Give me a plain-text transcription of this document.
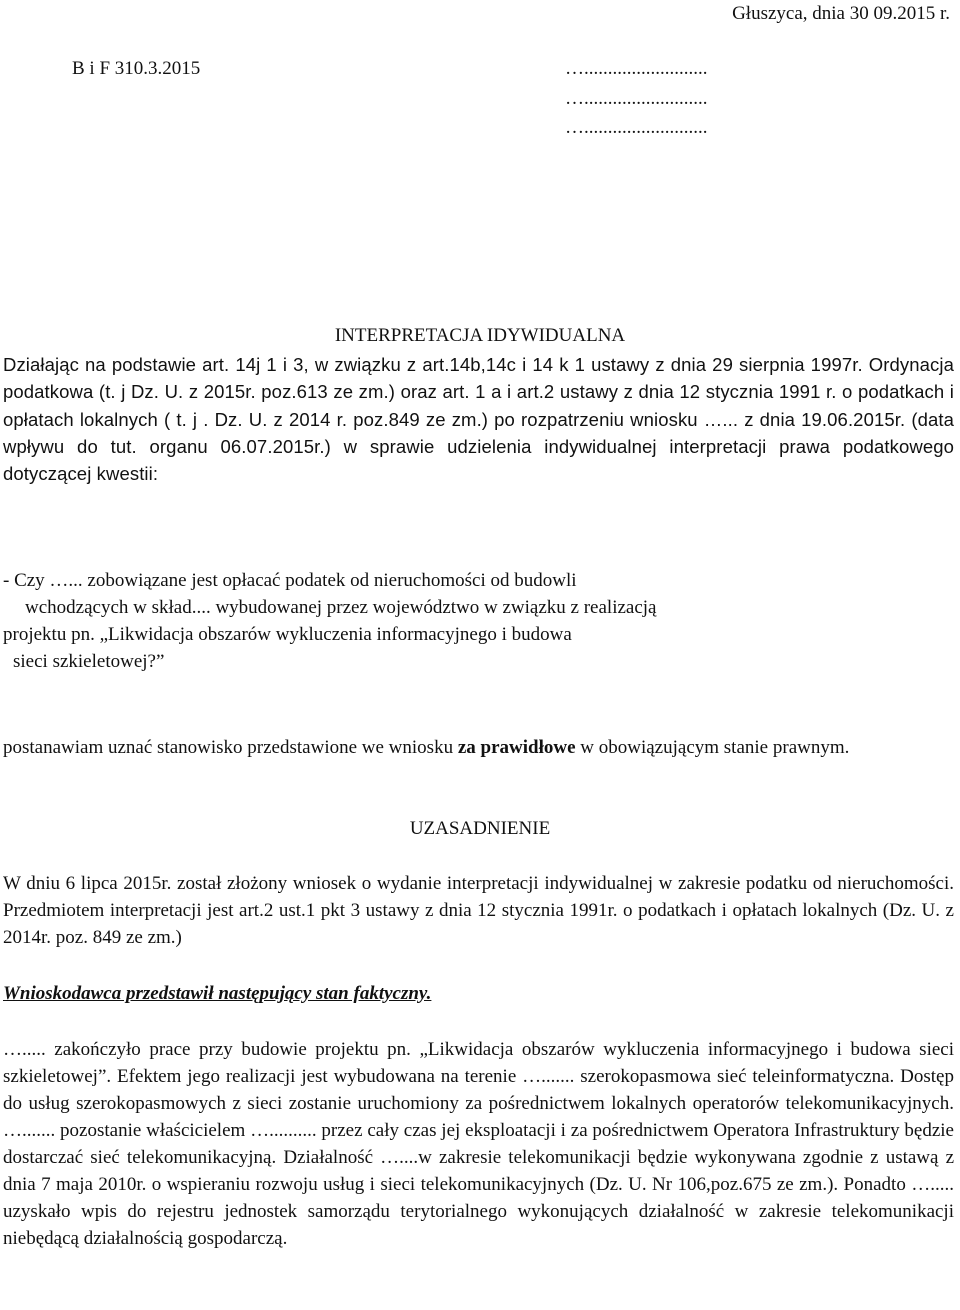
Głuszyca, dnia 30 09.2015 r.

B i F 310.3.2015	…..........................

…..........................

…..........................

INTERPRETACJA IDYWIDUALNA

Działając na podstawie art. 14j 1 i 3, w związku z art.14b,14c i 14 k 1 ustawy z dnia 29 sierpnia 1997r. Ordynacja podatkowa (t. j Dz. U. z 2015r. poz.613 ze zm.) oraz art. 1 a i art.2 ustawy z dnia 12 stycznia 1991 r. o podatkach i opłatach lokalnych ( t. j . Dz. U. z 2014 r. poz.849 ze zm.) po rozpatrzeniu wniosku …... z dnia 19.06.2015r. (data wpływu do tut. organu 06.07.2015r.) w sprawie udzielenia indywidualnej interpretacji prawa podatkowego dotyczącej kwestii:

- Czy …... zobowiązane jest opłacać podatek od nieruchomości od budowli
wchodzących w skład.... wybudowanej przez województwo w związku z realizacją
projektu pn. „Likwidacja obszarów wykluczenia informacyjnego i budowa
sieci szkieletowej?”

postanawiam uznać stanowisko przedstawione we wniosku za prawidłowe w obowiązującym stanie prawnym.

UZASADNIENIE

W dniu 6 lipca 2015r. został złożony wniosek o wydanie interpretacji indywidualnej w zakresie podatku od nieruchomości. Przedmiotem interpretacji jest art.2 ust.1 pkt 3 ustawy z dnia 12 stycznia 1991r. o podatkach i opłatach lokalnych (Dz. U. z 2014r. poz. 849 ze zm.)

Wnioskodawca przedstawił następujący stan faktyczny.

…..... zakończyło prace przy budowie projektu pn. „Likwidacja obszarów wykluczenia informacyjnego i budowa sieci szkieletowej”. Efektem jego realizacji jest wybudowana na terenie …....... szerokopasmowa sieć teleinformatyczna. Dostęp do usług szerokopasmowych z sieci zostanie uruchomiony za pośrednictwem lokalnych operatorów telekomunikacyjnych. …....... pozostanie właścicielem ….......... przez cały czas jej eksploatacji i za pośrednictwem Operatora Infrastruktury będzie dostarczać sieć telekomunikacyjną. Działalność …....w zakresie telekomunikacji będzie wykonywana zgodnie z ustawą z dnia 7 maja 2010r. o wspieraniu rozwoju usług i sieci telekomunikacyjnych (Dz. U. Nr 106,poz.675 ze zm.). Ponadto …..... uzyskało wpis do rejestru jednostek samorządu terytorialnego wykonujących działalność w zakresie telekomunikacji niebędącą działalnością gospodarczą.
